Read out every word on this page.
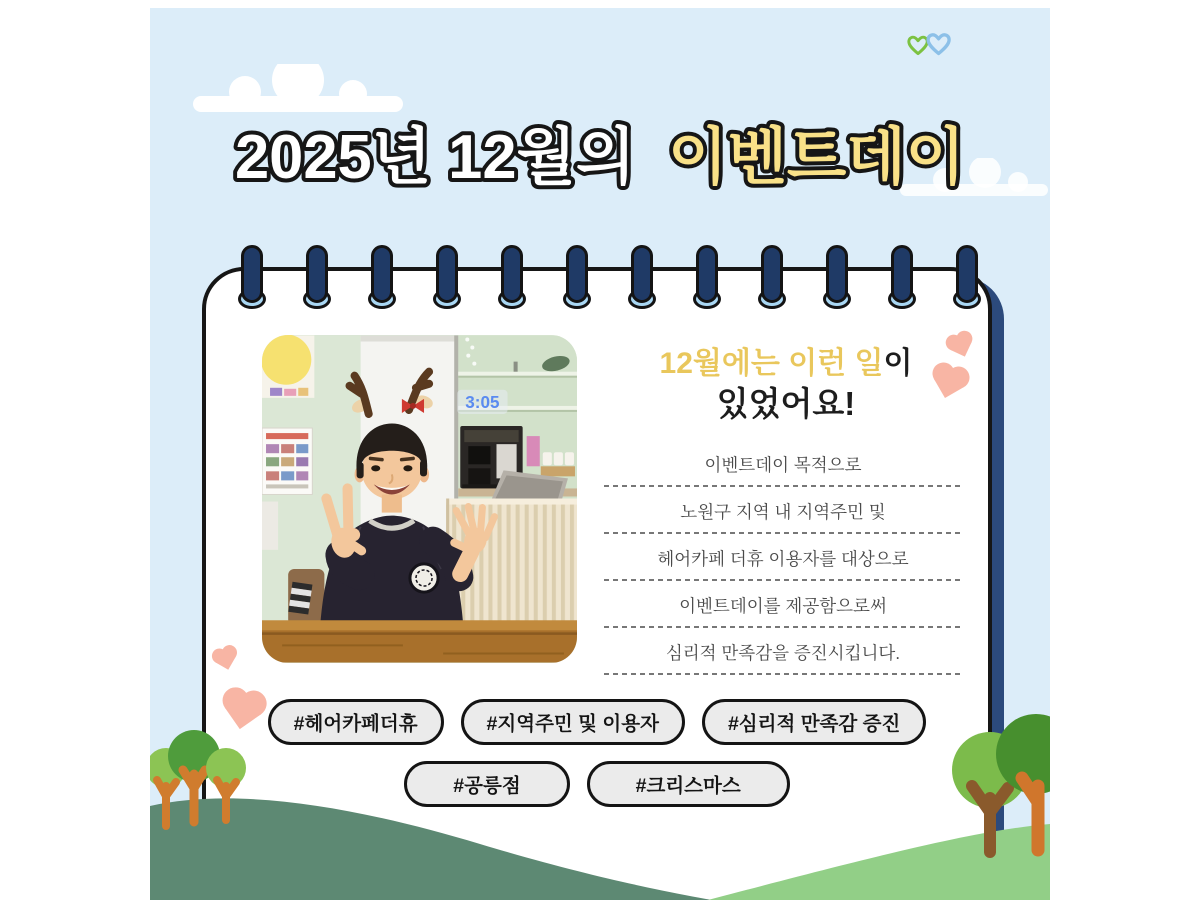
2025년 12월의 이벤트데이
3:05
12월에는 이런 일이
있었어요!
이벤트데이 목적으로
노원구 지역 내 지역주민 및
헤어카페 더휴 이용자를 대상으로
이벤트데이를 제공함으로써
심리적 만족감을 증진시킵니다.
#헤어카페더휴	#지역주민 및 이용자	#심리적 만족감 증진
#공릉점	#크리스마스
